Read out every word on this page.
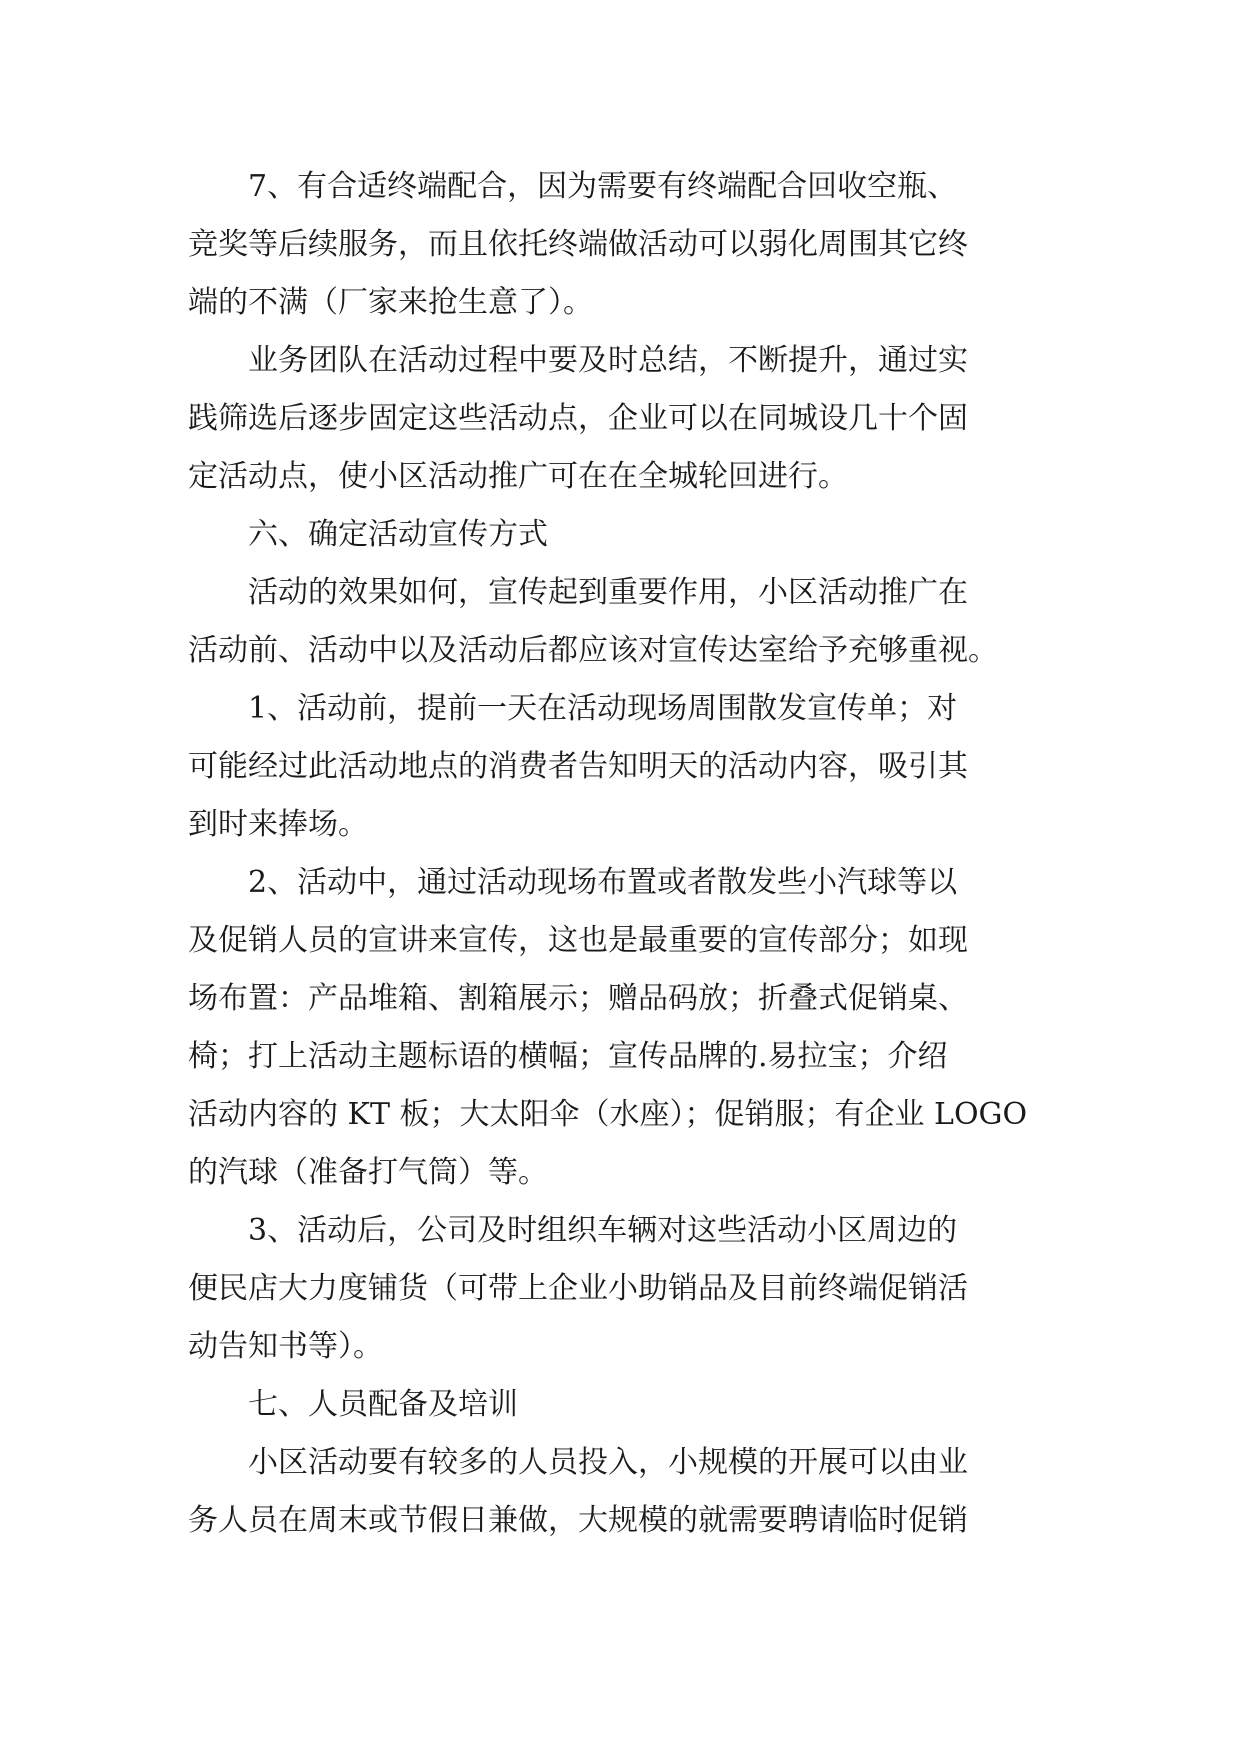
　　7、有合适终端配合，因为需要有终端配合回收空瓶、
竞奖等后续服务，而且依托终端做活动可以弱化周围其它终
端的不满（厂家来抢生意了）。

　　业务团队在活动过程中要及时总结，不断提升，通过实
践筛选后逐步固定这些活动点，企业可以在同城设几十个固
定活动点，使小区活动推广可在在全城轮回进行。

　　六、确定活动宣传方式

　　活动的效果如何，宣传起到重要作用，小区活动推广在
活动前、活动中以及活动后都应该对宣传达室给予充够重视。

　　1、活动前，提前一天在活动现场周围散发宣传单；对
可能经过此活动地点的消费者告知明天的活动内容，吸引其
到时来捧场。

　　2、活动中，通过活动现场布置或者散发些小汽球等以
及促销人员的宣讲来宣传，这也是最重要的宣传部分；如现
场布置：产品堆箱、割箱展示；赠品码放；折叠式促销桌、
椅；打上活动主题标语的横幅；宣传品牌的.易拉宝；介绍
活动内容的 KT 板；大太阳伞（水座）；促销服；有企业 LOGO
的汽球（准备打气筒）等。

　　3、活动后，公司及时组织车辆对这些活动小区周边的
便民店大力度铺货（可带上企业小助销品及目前终端促销活
动告知书等）。

　　七、人员配备及培训

　　小区活动要有较多的人员投入，小规模的开展可以由业
务人员在周末或节假日兼做，大规模的就需要聘请临时促销
